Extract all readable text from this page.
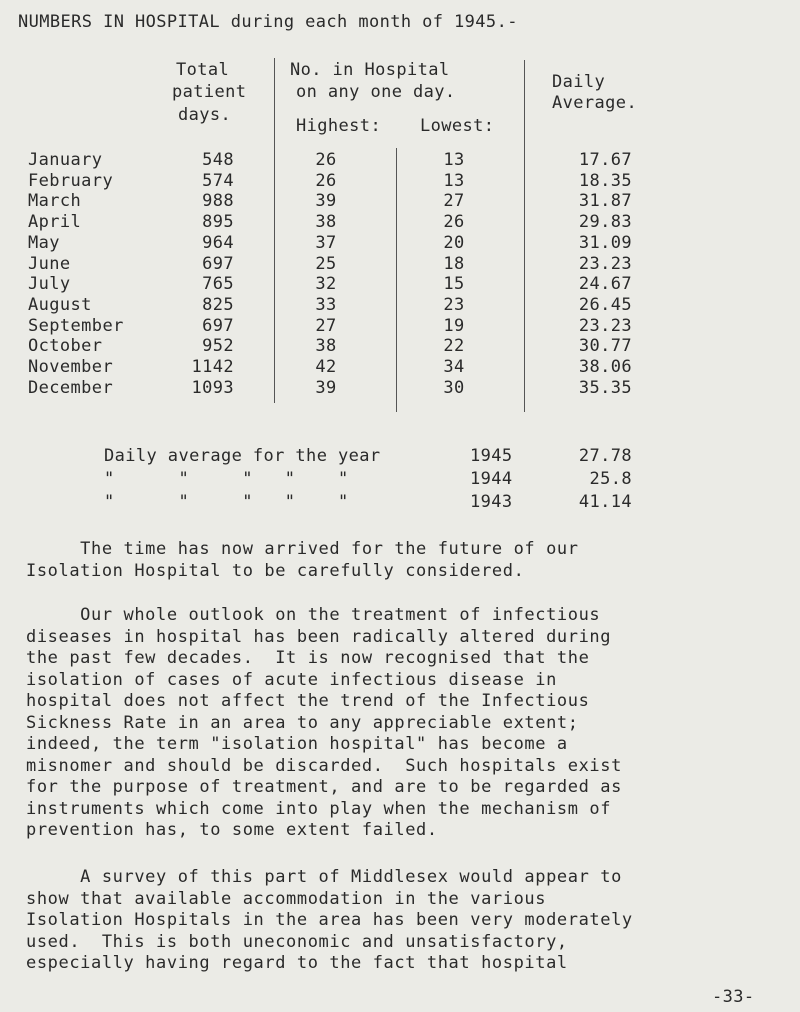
NUMBERS IN HOSPITAL during each month of 1945.-
Total
patient
days.
No. in Hospital
on any one day.
Highest: Lowest:
Daily
Average.
January	548	26	13	17.67
February	574	26	13	18.35
March	988	39	27	31.87
April	895	38	26	29.83
May	964	37	20	31.09
June	697	25	18	23.23
July	765	32	15	24.67
August	825	33	23	26.45
September	697	27	19	23.23
October	952	38	22	30.77
November	1142	42	34	38.06
December	1093	39	30	35.35
Daily average for the year	1945	27.78
"      "     "   "    "	1944	25.8
"      "     "   "    "	1943	41.14
The time has now arrived for the future of our
Isolation Hospital to be carefully considered.
Our whole outlook on the treatment of infectious
diseases in hospital has been radically altered during
the past few decades.  It is now recognised that the
isolation of cases of acute infectious disease in
hospital does not affect the trend of the Infectious
Sickness Rate in an area to any appreciable extent;
indeed, the term "isolation hospital" has become a
misnomer and should be discarded.  Such hospitals exist
for the purpose of treatment, and are to be regarded as
instruments which come into play when the mechanism of
prevention has, to some extent failed.
A survey of this part of Middlesex would appear to
show that available accommodation in the various
Isolation Hospitals in the area has been very moderately
used.  This is both uneconomic and unsatisfactory,
especially having regard to the fact that hospital
-33-
